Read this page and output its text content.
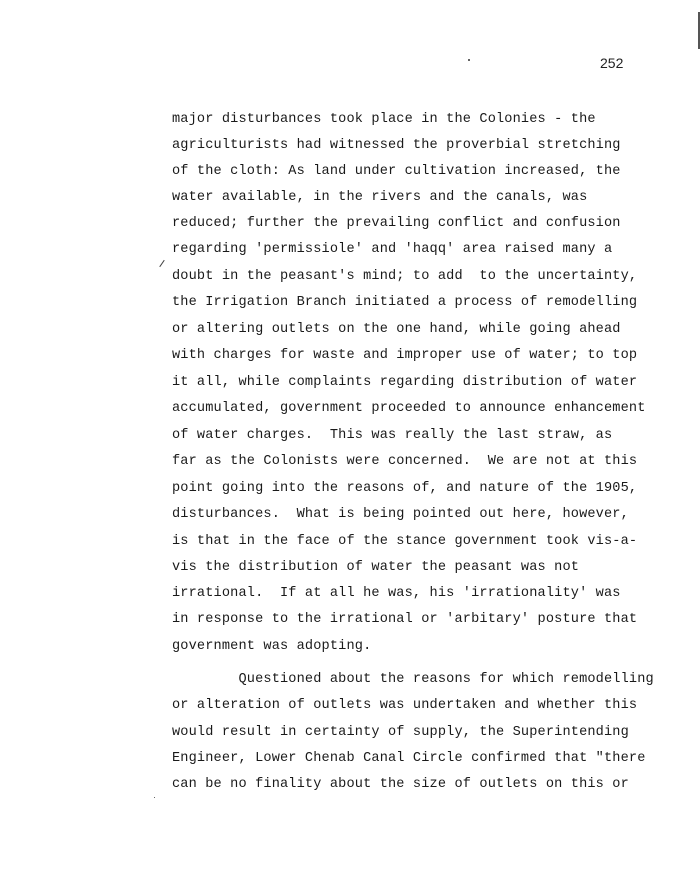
252
major disturbances took place in the Colonies - the
agriculturists had witnessed the proverbial stretching
of the cloth: As land under cultivation increased, the
water available, in the rivers and the canals, was
reduced; further the prevailing conflict and confusion
regarding 'permissiole' and 'haqq' area raised many a
doubt in the peasant's mind; to add  to the uncertainty,
the Irrigation Branch initiated a process of remodelling
or altering outlets on the one hand, while going ahead
with charges for waste and improper use of water; to top
it all, while complaints regarding distribution of water
accumulated, government proceeded to announce enhancement
of water charges.  This was really the last straw, as
far as the Colonists were concerned.  We are not at this
point going into the reasons of, and nature of the 1905,
disturbances.  What is being pointed out here, however,
is that in the face of the stance government took vis-a-
vis the distribution of water the peasant was not
irrational.  If at all he was, his 'irrationality' was
in response to the irrational or 'arbitary' posture that
government was adopting.
Questioned about the reasons for which remodelling
or alteration of outlets was undertaken and whether this
would result in certainty of supply, the Superintending
Engineer, Lower Chenab Canal Circle confirmed that "there
can be no finality about the size of outlets on this or
